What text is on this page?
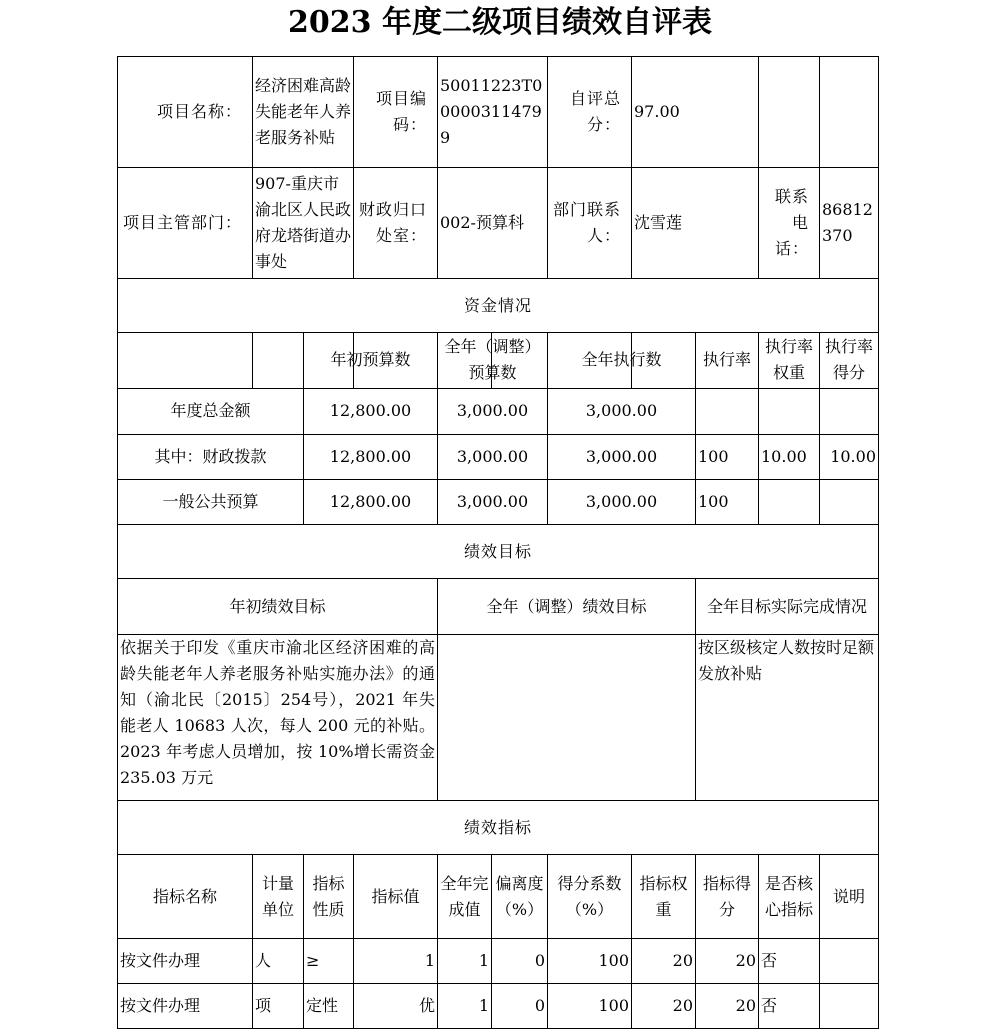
2023 年度二级项目绩效自评表
项目名称：	经济困难高龄失能老年人养老服务补贴	项目编码：	50011223T000003114799		自评总分：	97.00		
项目主管部门：	907-重庆市渝北区人民政府龙塔街道办事处	财政归口处室：	002-预算科		部门联系人：	沈雪莲	联系电话：	86812370
资金情况								

	年初预算数	全年（调整）预算数	全年执行数	执行率	执行率权重	执行率得分
年度总金额	12,800.00	3,000.00	3,000.00			
其中：财政拨款	12,800.00	3,000.00	3,000.00	100	10.00	10.00
一般公共预算	12,800.00	3,000.00	3,000.00	100		
绩效目标										
年初绩效目标				全年（调整）绩效目标				全年目标实际完成情况		
依据关于印发《重庆市渝北区经济困难的高龄失能老年人养老服务补贴实施办法》的通知（渝北民〔2015〕254号），2021 年失能老人 10683 人次，每人 200 元的补贴。2023 年考虑人员增加，按 10%增长需资金 235.03 万元								按区级核定人数按时足额发放补贴		
绩效指标										
指标名称	计量单位	指标性质	指标值	全年完成值	偏离度（%）	得分系数（%）	指标权重	指标得分	是否核心指标	说明
按文件办理	人	≥	1	1	0	100	20	20	否	
按文件办理	项	定性	优	1	0	100	20	20	否	
